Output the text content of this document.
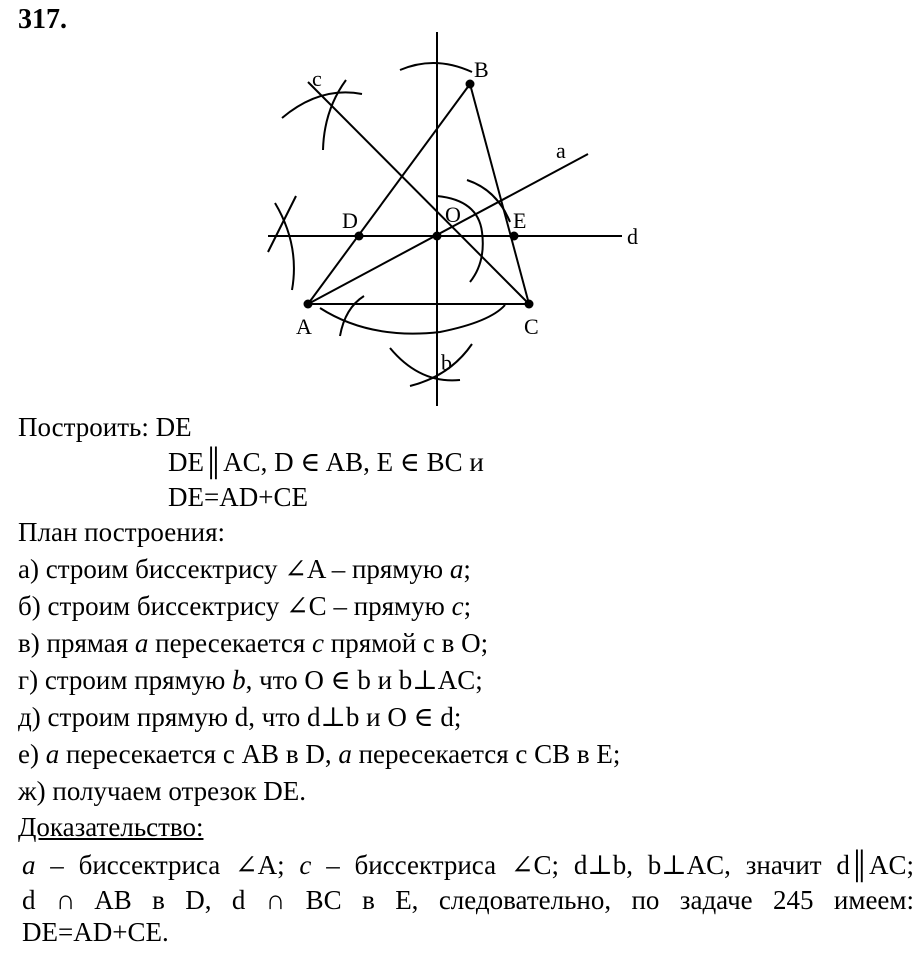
317.
B
c
a
D	O E
d
A	C
b
Построить: DE
DE║AC, D ∈ AB, E ∈ BC и
DE=AD+CE
План построения:
а) строим биссектрису ∠A – прямую a;
б) строим биссектрису ∠C – прямую c;
в) прямая a пересекается с прямой с в O;
г) строим прямую b, что O ∈ b и b⊥AC;
д) строим прямую d, что d⊥b и O ∈ d;
е) a пересекается с AB в D, a пересекается с CB в E;
ж) получаем отрезок DE.
Доказательство:
a – биссектриса ∠A; c – биссектриса ∠C; d⊥b, b⊥AC, значит d║AC;
d ∩ AB в D, d ∩ BC в E, следовательно, по задаче 245 имеем:
DE=AD+CE.
